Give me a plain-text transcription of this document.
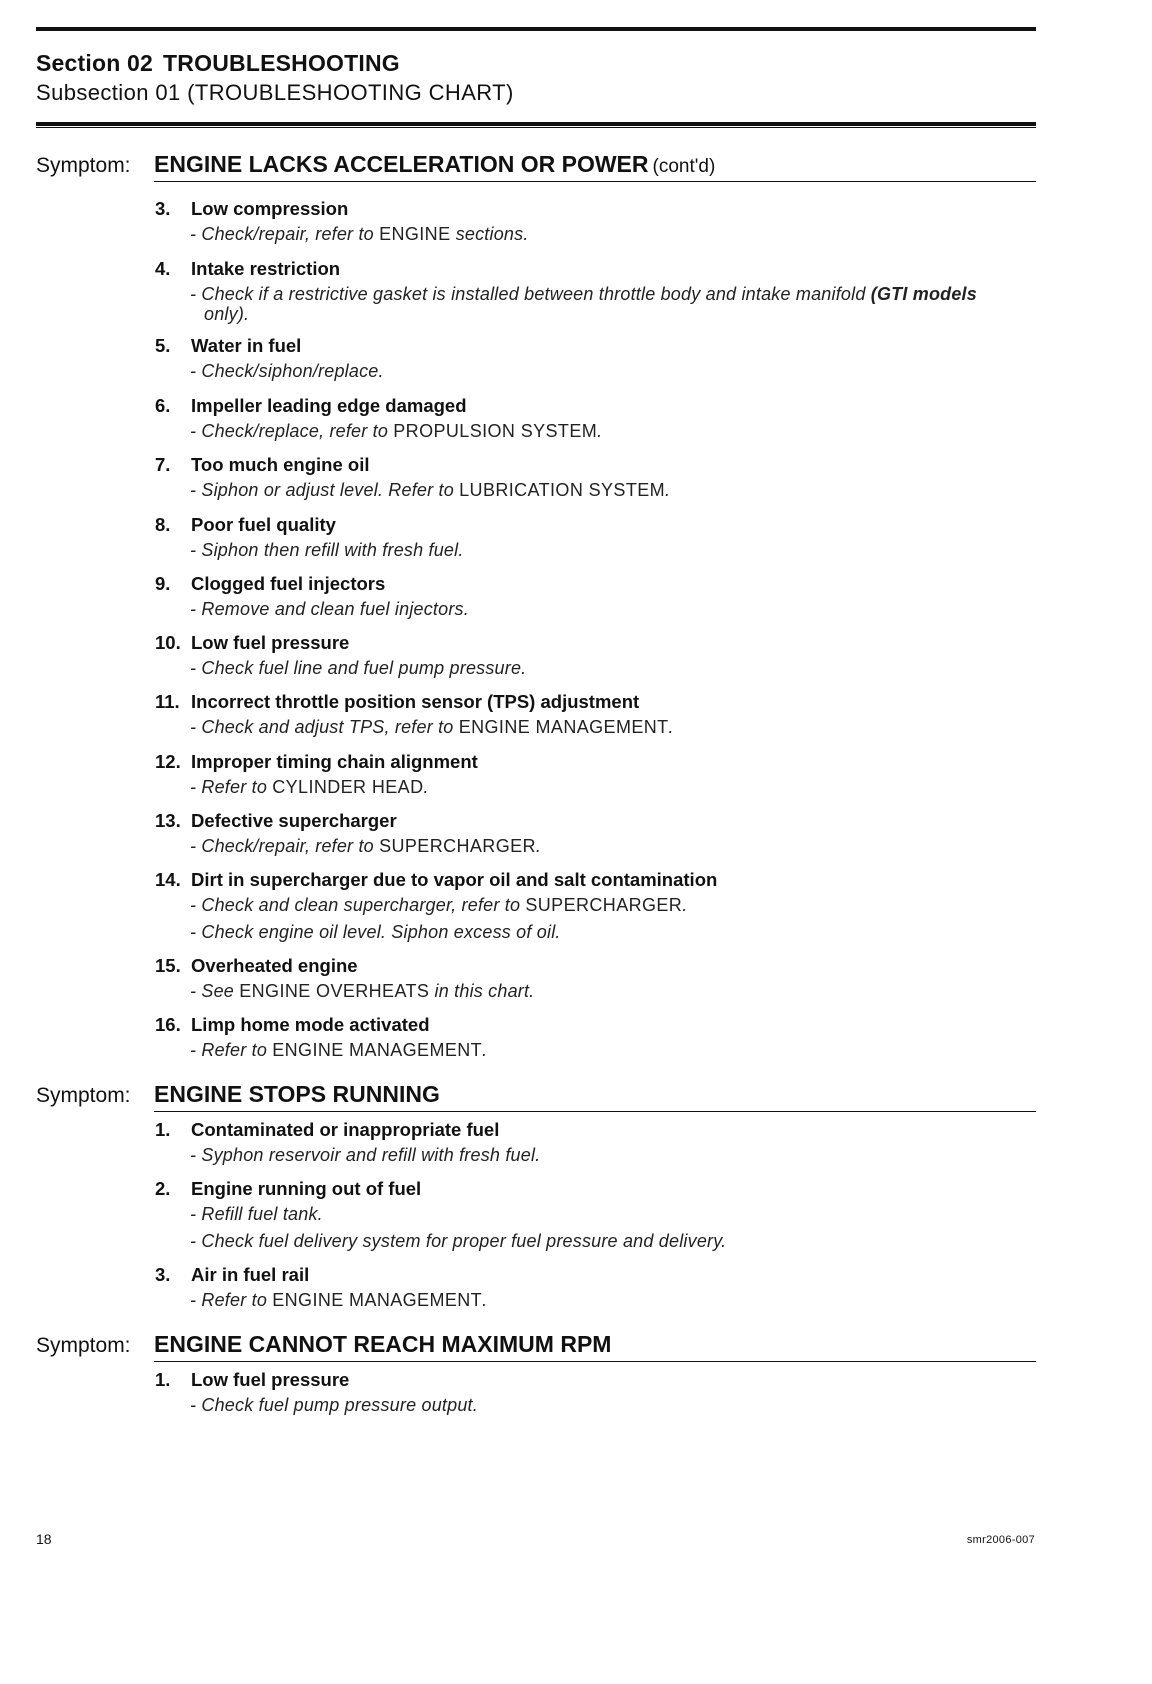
Section 02 TROUBLESHOOTING
Subsection 01 (TROUBLESHOOTING CHART)
Symptom: ENGINE LACKS ACCELERATION OR POWER (cont'd)
3. Low compression
- Check/repair, refer to ENGINE sections.
4. Intake restriction
- Check if a restrictive gasket is installed between throttle body and intake manifold (GTI models
only).
5. Water in fuel
- Check/siphon/replace.
6. Impeller leading edge damaged
- Check/replace, refer to PROPULSION SYSTEM.
7. Too much engine oil
- Siphon or adjust level. Refer to LUBRICATION SYSTEM.
8. Poor fuel quality
- Siphon then refill with fresh fuel.
9. Clogged fuel injectors
- Remove and clean fuel injectors.
10. Low fuel pressure
- Check fuel line and fuel pump pressure.
11. Incorrect throttle position sensor (TPS) adjustment
- Check and adjust TPS, refer to ENGINE MANAGEMENT.
12. Improper timing chain alignment
- Refer to CYLINDER HEAD.
13. Defective supercharger
- Check/repair, refer to SUPERCHARGER.
14. Dirt in supercharger due to vapor oil and salt contamination
- Check and clean supercharger, refer to SUPERCHARGER.
- Check engine oil level. Siphon excess of oil.
15. Overheated engine
- See ENGINE OVERHEATS in this chart.
16. Limp home mode activated
- Refer to ENGINE MANAGEMENT.
Symptom: ENGINE STOPS RUNNING
1. Contaminated or inappropriate fuel
- Syphon reservoir and refill with fresh fuel.
2. Engine running out of fuel
- Refill fuel tank.
- Check fuel delivery system for proper fuel pressure and delivery.
3. Air in fuel rail
- Refer to ENGINE MANAGEMENT.
Symptom: ENGINE CANNOT REACH MAXIMUM RPM
1. Low fuel pressure
- Check fuel pump pressure output.
18	smr2006-007
